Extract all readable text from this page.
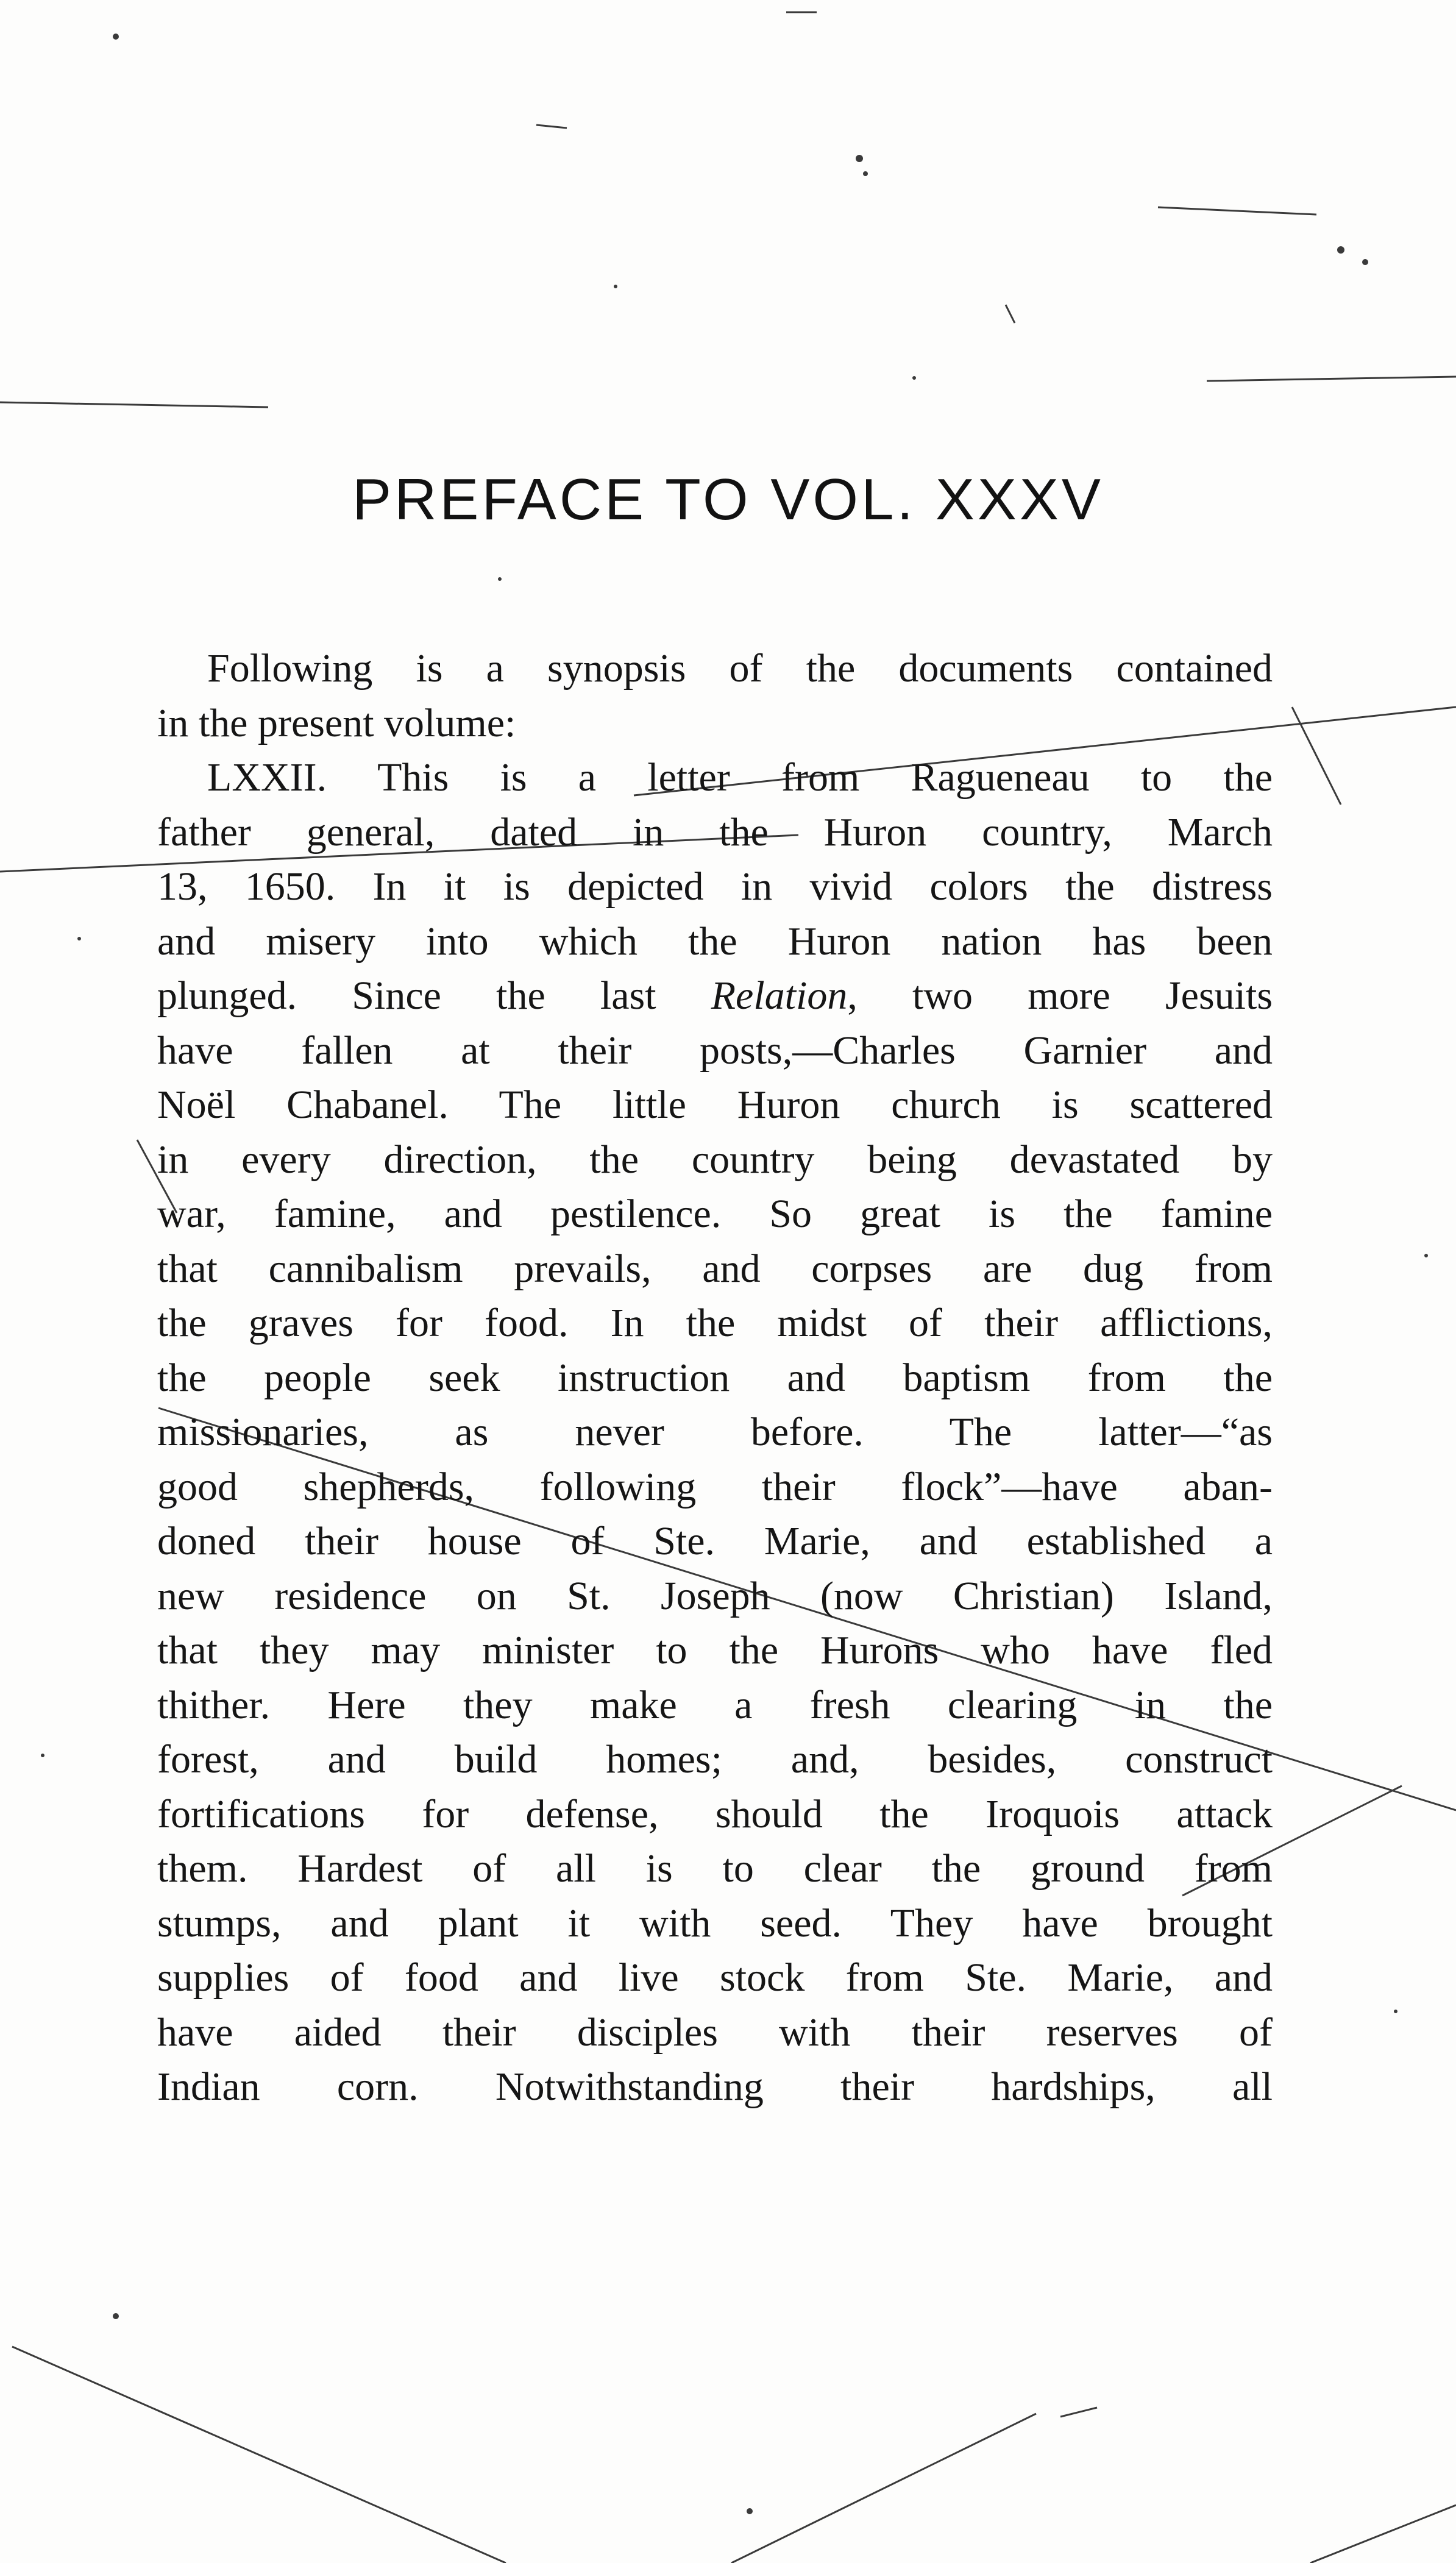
PREFACE TO VOL. XXXV
Following is a synopsis of the documents contained
in the present volume:
LXXII. This is a letter from Ragueneau to the
father general, dated in the Huron country, March
13, 1650. In it is depicted in vivid colors the distress
and misery into which the Huron nation has been
plunged. Since the last Relation, two more Jesuits
have fallen at their posts,—Charles Garnier and
Noël Chabanel. The little Huron church is scattered
in every direction, the country being devastated by
war, famine, and pestilence. So great is the famine
that cannibalism prevails, and corpses are dug from
the graves for food. In the midst of their afflictions,
the people seek instruction and baptism from the
missionaries, as never before. The latter—“as
good shepherds, following their flock”—have aban-
doned their house of Ste. Marie, and established a
new residence on St. Joseph (now Christian) Island,
that they may minister to the Hurons who have fled
thither. Here they make a fresh clearing in the
forest, and build homes; and, besides, construct
fortifications for defense, should the Iroquois attack
them. Hardest of all is to clear the ground from
stumps, and plant it with seed. They have brought
supplies of food and live stock from Ste. Marie, and
have aided their disciples with their reserves of
Indian corn. Notwithstanding their hardships, all
